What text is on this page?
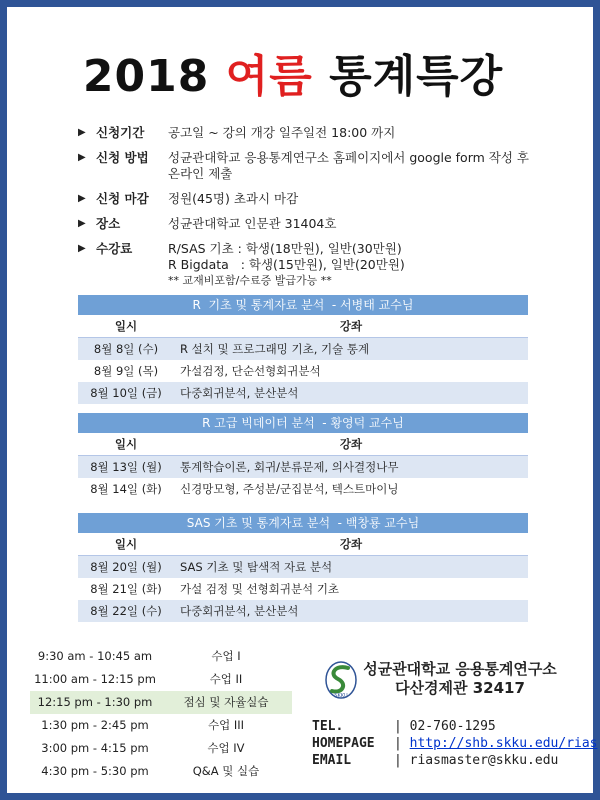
2018 여름 통계특강
▶ 신청기간	공고일 ~ 강의 개강 일주일전 18:00 까지
▶ 신청 방법	성균관대학교 응용통계연구소 홈페이지에서 google form 작성 후
온라인 제출
▶ 신청 마감	정원(45명) 초과시 마감
▶ 장소	성균관대학교 인문관 31404호
▶ 수강료	R/SAS 기초 : 학생(18만원), 일반(30만원)
R Bigdata   : 학생(15만원), 일반(20만원)
** 교재비포함/수료증 발급가능 **
R  기초 및 통계자료 분석  - 서병태 교수님
일시	강좌
8월 8일 (수)	R 설치 및 프로그래밍 기초, 기술 통계
8월 9일 (목)	가설검정, 단순선형회귀분석
8월 10일 (금)	다중회귀분석, 분산분석
R 고급 빅데이터 분석  - 황영덕 교수님
일시	강좌
8월 13일 (월)	통계학습이론, 회귀/분류문제, 의사결정나무
8월 14일 (화)	신경망모형, 주성분/군집분석, 텍스트마이닝
SAS 기초 및 통계자료 분석  - 백창룡 교수님
일시	강좌
8월 20일 (월)	SAS 기초 및 탐색적 자료 분석
8월 21일 (화)	가설 검정 및 선형회귀분석 기초
8월 22일 (수)	다중회귀분석, 분산분석
9:30 am - 10:45 am	수업 I
11:00 am - 12:15 pm	수업 II
12:15 pm - 1:30 pm	점심 및 자율실습
1:30 pm - 2:45 pm	수업 III
3:00 pm - 4:15 pm	수업 IV
4:30 pm - 5:30 pm	Q&A 및 실습
SKKU
성균관대학교 응용통계연구소
다산경제관 32417
TEL.	| 02-760-1295
HOMEPAGE	| http://shb.skku.edu/rias
EMAIL	| riasmaster@skku.edu
